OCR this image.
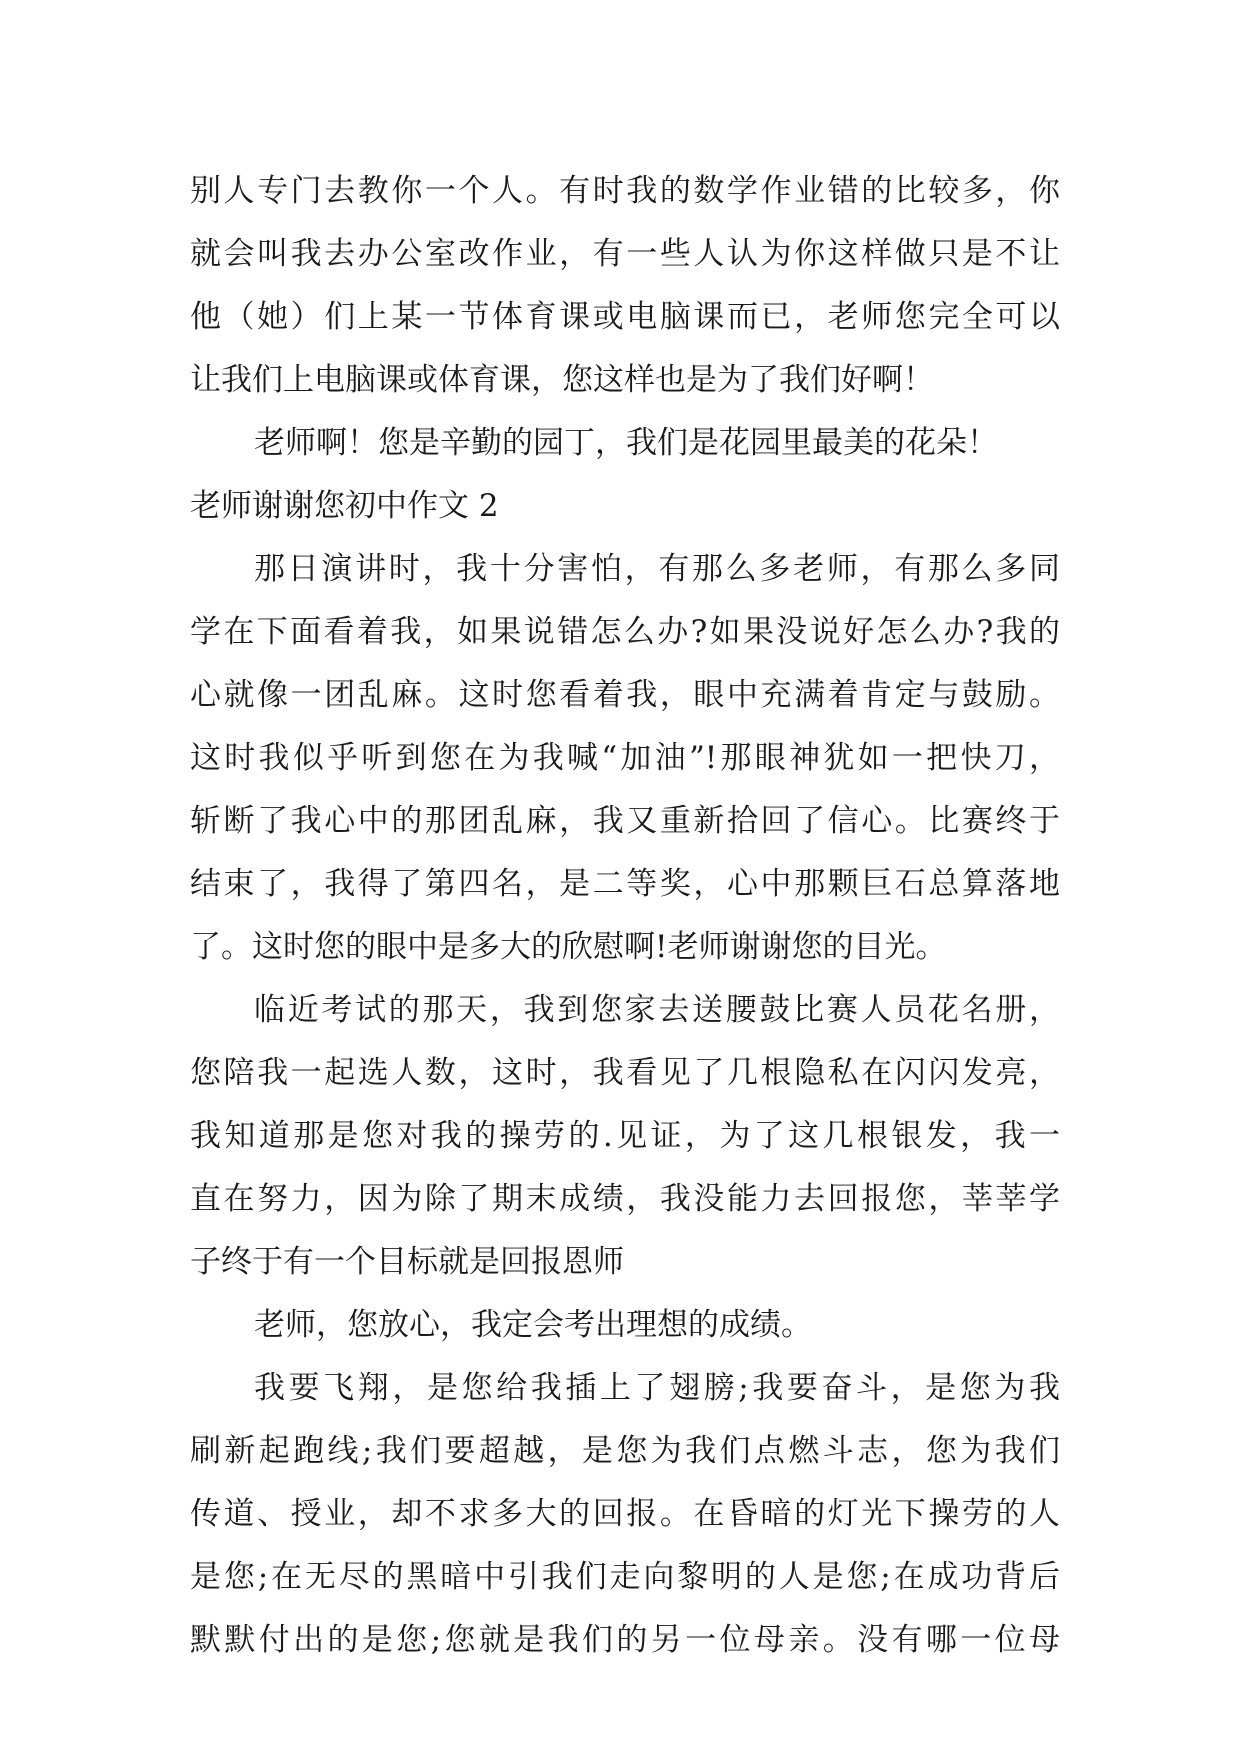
别人专门去教你一个人。有时我的数学作业错的比较多，你
就会叫我去办公室改作业，有一些人认为你这样做只是不让
他（她）们上某一节体育课或电脑课而已，老师您完全可以
让我们上电脑课或体育课，您这样也是为了我们好啊！
老师啊！您是辛勤的园丁，我们是花园里最美的花朵！
老师谢谢您初中作文 2
那日演讲时，我十分害怕，有那么多老师，有那么多同
学在下面看着我，如果说错怎么办?如果没说好怎么办?我的
心就像一团乱麻。这时您看着我，眼中充满着肯定与鼓励。
这时我似乎听到您在为我喊“加油”!那眼神犹如一把快刀，
斩断了我心中的那团乱麻，我又重新拾回了信心。比赛终于
结束了，我得了第四名，是二等奖，心中那颗巨石总算落地
了。这时您的眼中是多大的欣慰啊!老师谢谢您的目光。
临近考试的那天，我到您家去送腰鼓比赛人员花名册，
您陪我一起选人数，这时，我看见了几根隐私在闪闪发亮，
我知道那是您对我的操劳的.见证，为了这几根银发，我一
直在努力，因为除了期末成绩，我没能力去回报您，莘莘学
子终于有一个目标就是回报恩师
老师，您放心，我定会考出理想的成绩。
我要飞翔，是您给我插上了翅膀;我要奋斗，是您为我
刷新起跑线;我们要超越，是您为我们点燃斗志，您为我们
传道、授业，却不求多大的回报。在昏暗的灯光下操劳的人
是您;在无尽的黑暗中引我们走向黎明的人是您;在成功背后
默默付出的是您;您就是我们的另一位母亲。没有哪一位母
